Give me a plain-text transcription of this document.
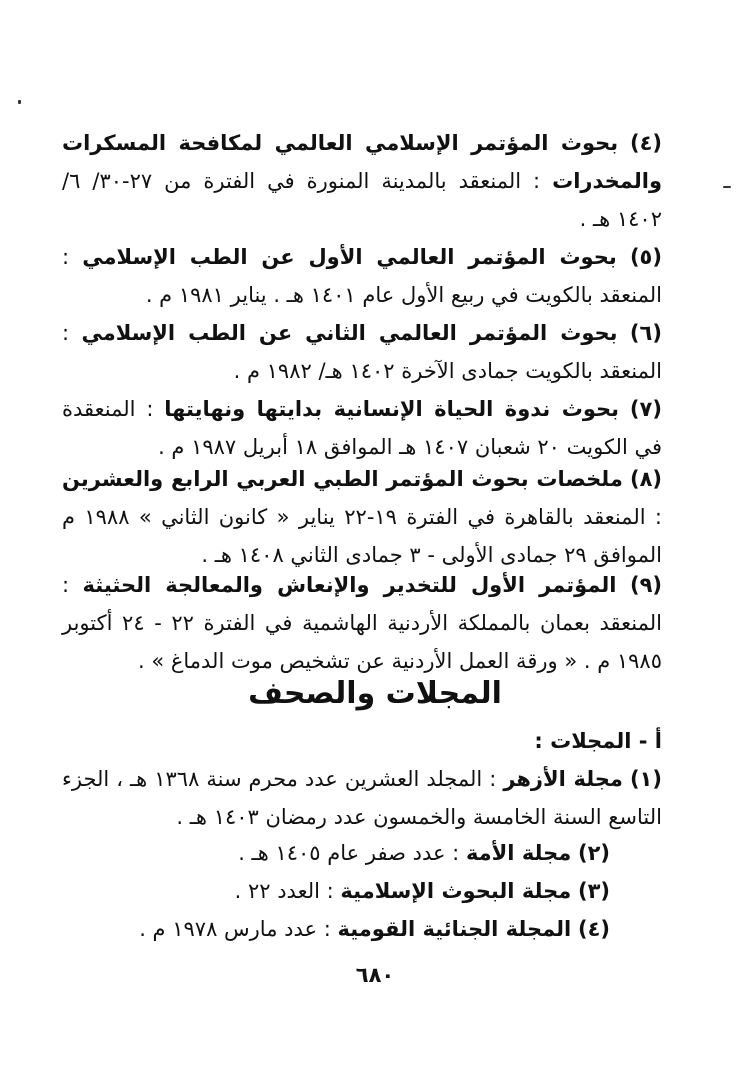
(٤) بحوث المؤتمر الإسلامي العالمي لمكافحة المسكرات والمخدرات : المنعقد بالمدينة المنورة في الفترة من ٢٧-٣٠/ ٦/ ١٤٠٢ هـ .
(٥) بحوث المؤتمر العالمي الأول عن الطب الإسلامي : المنعقد بالكويت في ربيع الأول عام ١٤٠١ هـ . يناير ١٩٨١ م .
(٦) بحوث المؤتمر العالمي الثاني عن الطب الإسلامي : المنعقد بالكويت جمادى الآخرة ١٤٠٢ هـ/ ١٩٨٢ م .
(٧) بحوث ندوة الحياة الإنسانية بدايتها ونهايتها : المنعقدة في الكويت ٢٠ شعبان ١٤٠٧ هـ الموافق ١٨ أبريل ١٩٨٧ م .
(٨) ملخصات بحوث المؤتمر الطبي العربي الرابع والعشرين : المنعقد بالقاهرة في الفترة ١٩-٢٢ يناير « كانون الثاني » ١٩٨٨ م الموافق ٢٩ جمادى الأولى - ٣ جمادى الثاني ١٤٠٨ هـ .
(٩) المؤتمر الأول للتخدير والإنعاش والمعالجة الحثيثة : المنعقد بعمان بالمملكة الأردنية الهاشمية في الفترة ٢٢ - ٢٤ أكتوبر ١٩٨٥ م . « ورقة العمل الأردنية عن تشخيص موت الدماغ » .
المجلات والصحف
أ - المجلات :
(١) مجلة الأزهر : المجلد العشرين عدد محرم سنة ١٣٦٨ هـ ، الجزء التاسع السنة الخامسة والخمسون عدد رمضان ١٤٠٣ هـ .
(٢) مجلة الأمة : عدد صفر عام ١٤٠٥ هـ .
(٣) مجلة البحوث الإسلامية : العدد ٢٢ .
(٤) المجلة الجنائية القومية : عدد مارس ١٩٧٨ م .
٦٨٠
